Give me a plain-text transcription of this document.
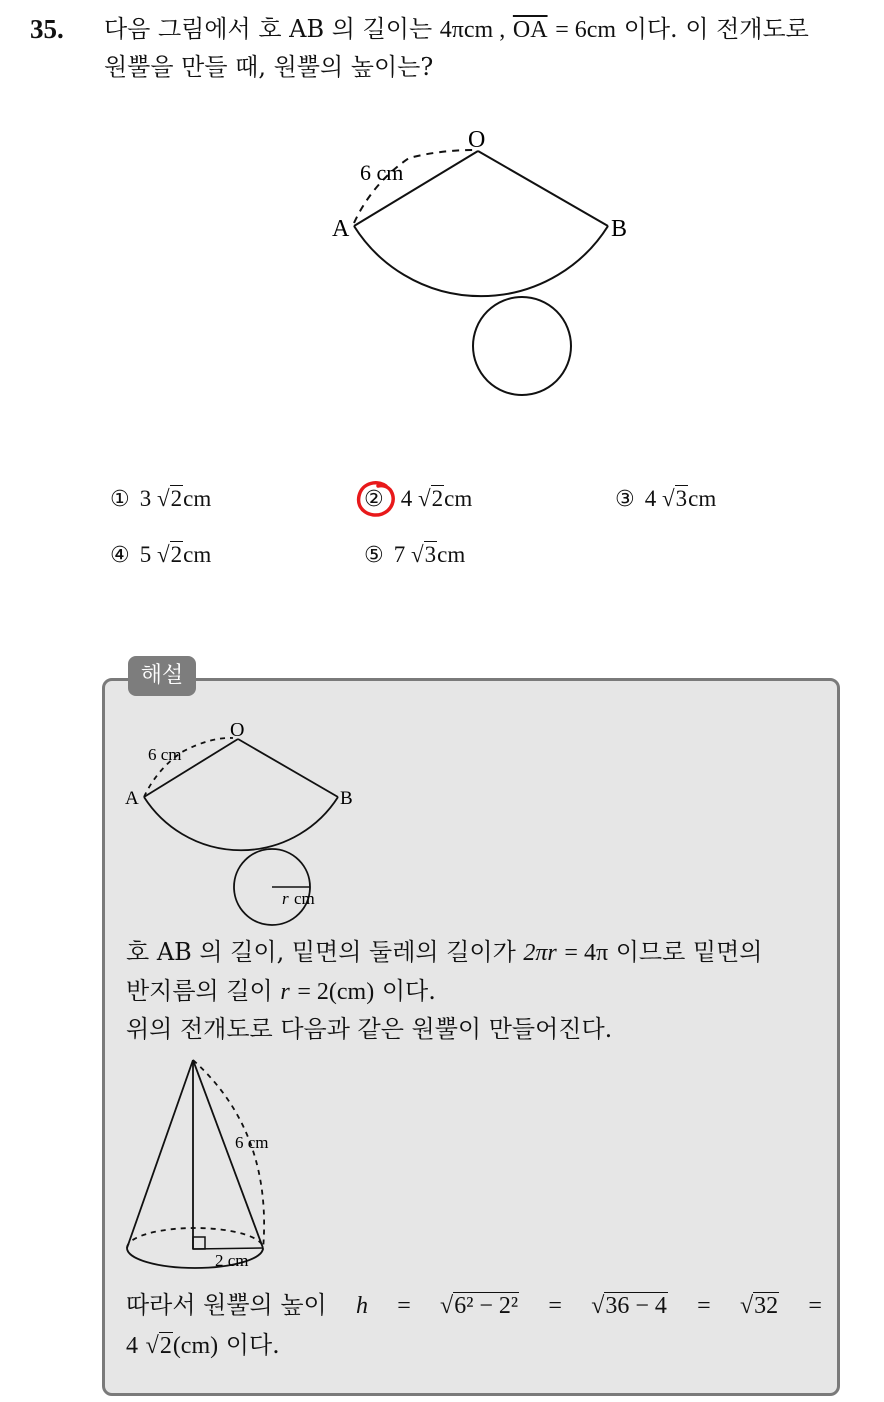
35. 다음 그림에서 호 AB 의 길이는 4πcm , $\overline{OA} = 6cm$ 이다. 이 전개도로
원뿔을 만들 때, 원뿔의 높이는?
O
A	B
6 cm
① 3 √2cm	② 4 √2cm	③ 4 √3cm
④ 5 √2cm	⑤ 7 √3cm
해설
O
A	B
6 cm
r cm
호 AB 의 길이, 밑면의 둘레의 길이가 2πr = 4π 이므로 밑면의
반지름의 길이 r = 2(cm) 이다.
위의 전개도로 다음과 같은 원뿔이 만들어진다.
6 cm
2 cm
따라서 원뿔의 높이 h = √6² − 2² = √36 − 4 = √32 =
4 √2(cm) 이다.
